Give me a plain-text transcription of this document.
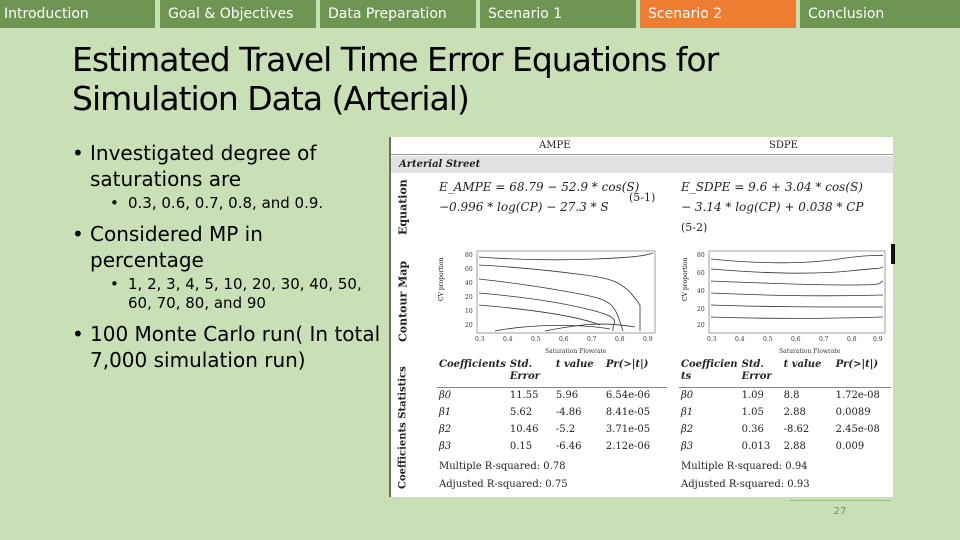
Introduction	Goal & Objectives	Data Preparation	Scenario 1	Scenario 2	Conclusion
Estimated Travel Time Error Equations for Simulation Data (Arterial)
• Investigated degree of saturations are
• 0.3, 0.6, 0.7, 0.8, and 0.9.
• Considered MP in percentage
• 1, 2, 3, 4, 5, 10, 20, 30, 40, 50, 60, 70, 80, and 90
• 100 Monte Carlo run( In total 7,000 simulation run)
AMPE	SDPE
Arterial Street
Equation
Contour Map
Coefficients Statistics
E_AMPE = 68.79 − 52.9 * cos(S)
−0.996 * log(CP) − 27.3 * S
(5-1)
E_SDPE = 9.6 + 3.04 * cos(S)
− 3.14 * log(CP) + 0.038 * CP
(5-2)
CV proportion
80
60
40
20
10
20
0.3	0.4	0.5	0.6	0.7	0.8	0.9
Saturation Flowrate
CV proportion
80
60
40
20
20
0.3	0.4	0.5	0.6	0.7	0.8	0.9
Saturation Flowrate
Coefficients	Std. Error	t value	Pr(>|t|)
β0	11.55	5.96	6.54e-06
β1	5.62	-4.86	8.41e-05
β2	10.46	-5.2	3.71e-05
β3	0.15	-6.46	2.12e-06
Coefficien ts	Std. Error	t value	Pr(>|t|)
β0	1.09	8.8	1.72e-08
β1	1.05	2.88	0.0089
β2	0.36	-8.62	2.45e-08
β3	0.013	2.88	0.009
Multiple R-squared: 0.78
Adjusted R-squared: 0.75
Multiple R-squared: 0.94
Adjusted R-squared: 0.93
27
